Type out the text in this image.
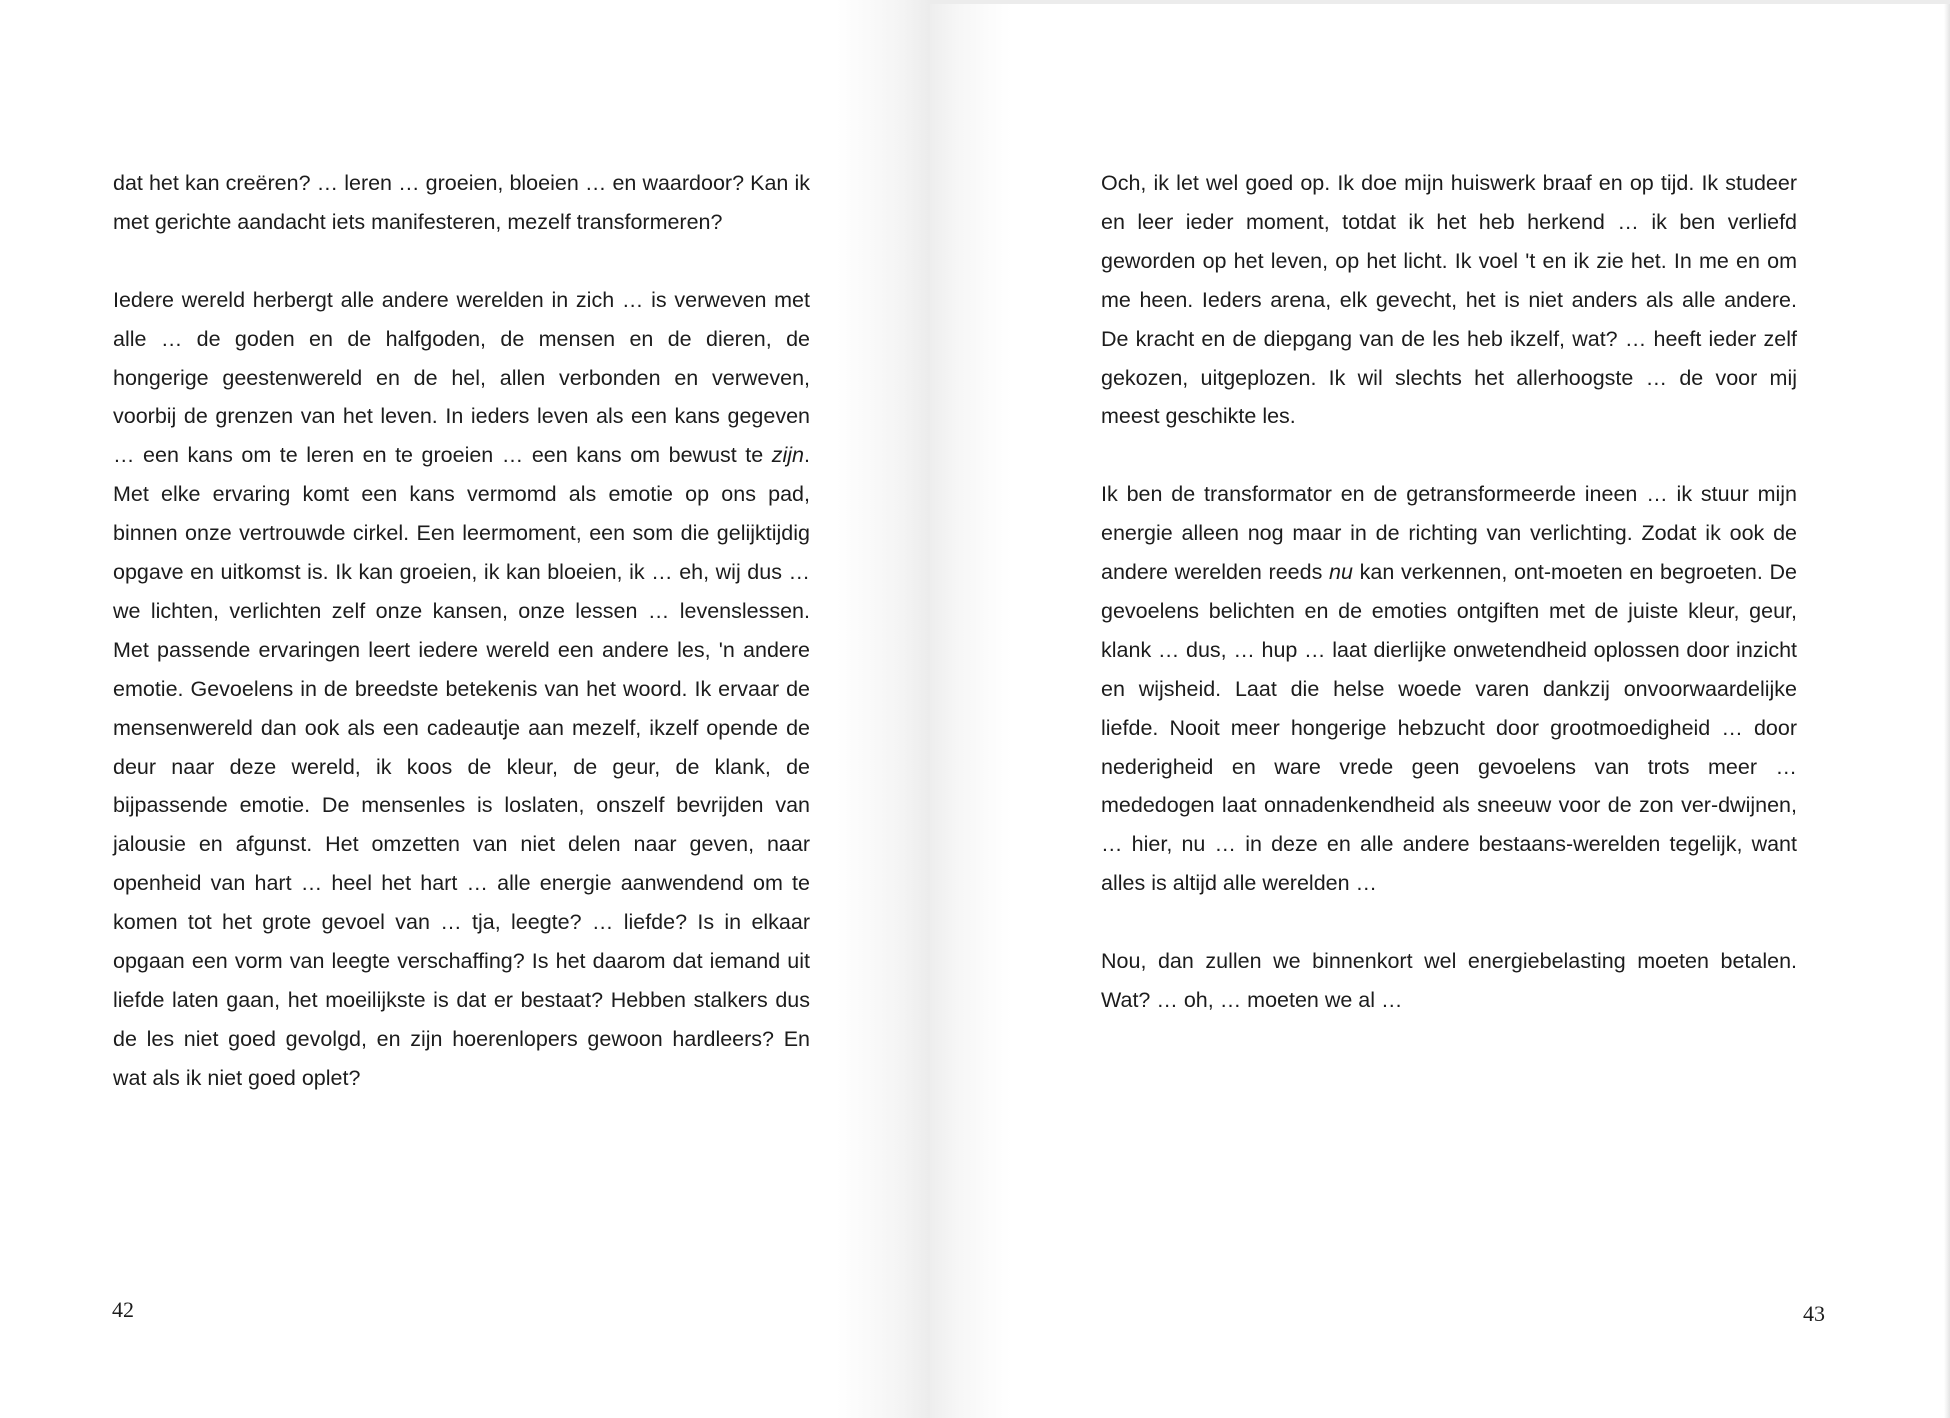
dat het kan creëren? … leren … groeien, bloeien … en waardoor? Kan ik met gerichte aandacht iets manifesteren, mezelf transformeren?

Iedere wereld herbergt alle andere werelden in zich … is verweven met alle … de goden en de halfgoden, de mensen en de dieren, de hongerige geestenwereld en de hel, allen verbonden en verweven, voorbij de grenzen van het leven. In ieders leven als een kans gegeven … een kans om te leren en te groeien … een kans om bewust te zijn. Met elke ervaring komt een kans vermomd als emotie op ons pad, binnen onze vertrouwde cirkel. Een leermoment, een som die gelijktijdig opgave en uitkomst is. Ik kan groeien, ik kan bloeien, ik … eh, wij dus … we lichten, verlichten zelf onze kansen, onze lessen … levenslessen. Met passende ervaringen leert iedere wereld een andere les, 'n andere emotie. Gevoelens in de breedste betekenis van het woord. Ik ervaar de mensenwereld dan ook als een cadeautje aan mezelf, ikzelf opende de deur naar deze wereld, ik koos de kleur, de geur, de klank, de bijpassende emotie. De mensenles is loslaten, onszelf bevrijden van jalousie en afgunst. Het omzetten van niet delen naar geven, naar openheid van hart … heel het hart … alle energie aanwendend om te komen tot het grote gevoel van … tja, leegte? … liefde? Is in elkaar opgaan een vorm van leegte verschaffing? Is het daarom dat iemand uit liefde laten gaan, het moeilijkste is dat er bestaat? Hebben stalkers dus de les niet goed gevolgd, en zijn hoerenlopers gewoon hardleers? En wat als ik niet goed oplet?

42

Och, ik let wel goed op. Ik doe mijn huiswerk braaf en op tijd. Ik studeer en leer ieder moment, totdat ik het heb herkend … ik ben verliefd geworden op het leven, op het licht. Ik voel 't en ik zie het. In me en om me heen. Ieders arena, elk gevecht, het is niet anders als alle andere. De kracht en de diepgang van de les heb ikzelf, wat? … heeft ieder zelf gekozen, uitgeplozen. Ik wil slechts het allerhoogste … de voor mij meest geschikte les.

Ik ben de transformator en de getransformeerde ineen … ik stuur mijn energie alleen nog maar in de richting van verlichting. Zodat ik ook de andere werelden reeds nu kan verkennen, ont-moeten en begroeten. De gevoelens belichten en de emoties ontgiften met de juiste kleur, geur, klank … dus, … hup … laat dierlijke onwetendheid oplossen door inzicht en wijsheid. Laat die helse woede varen dankzij onvoorwaardelijke liefde. Nooit meer hongerige hebzucht door grootmoedigheid … door nederigheid en ware vrede geen gevoelens van trots meer … mededogen laat onnadenkendheid als sneeuw voor de zon ver-dwijnen, … hier, nu … in deze en alle andere bestaans-werelden tegelijk, want alles is altijd alle werelden …

Nou, dan zullen we binnenkort wel energiebelasting moeten betalen. Wat? … oh, … moeten we al …

43
